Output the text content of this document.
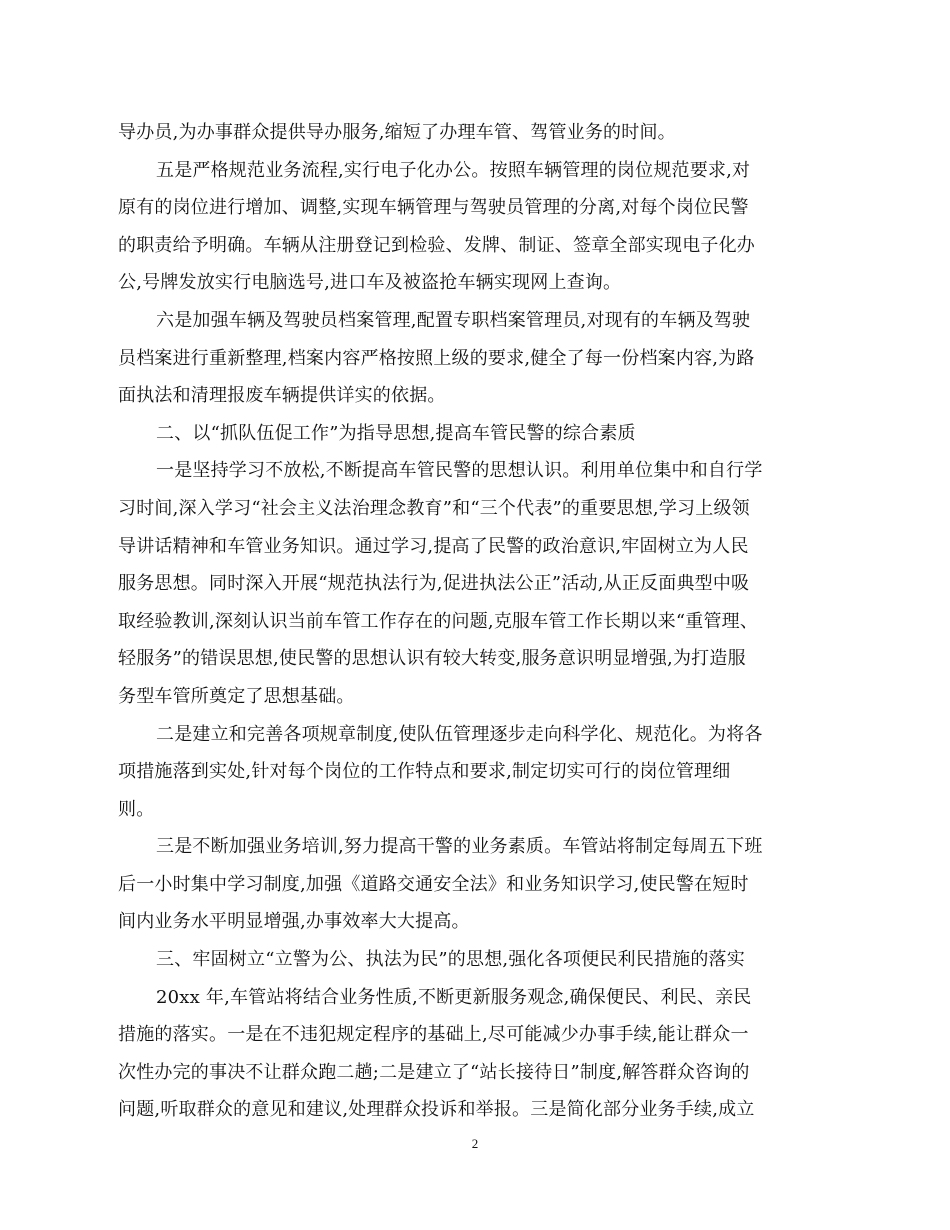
导办员,为办事群众提供导办服务,缩短了办理车管、驾管业务的时间。
五是严格规范业务流程,实行电子化办公。按照车辆管理的岗位规范要求,对
原有的岗位进行增加、调整,实现车辆管理与驾驶员管理的分离,对每个岗位民警
的职责给予明确。车辆从注册登记到检验、发牌、制证、签章全部实现电子化办
公,号牌发放实行电脑选号,进口车及被盗抢车辆实现网上查询。
六是加强车辆及驾驶员档案管理,配置专职档案管理员,对现有的车辆及驾驶
员档案进行重新整理,档案内容严格按照上级的要求,健全了每一份档案内容,为路
面执法和清理报废车辆提供详实的依据。
二、以“抓队伍促工作”为指导思想,提高车管民警的综合素质
一是坚持学习不放松,不断提高车管民警的思想认识。利用单位集中和自行学
习时间,深入学习“社会主义法治理念教育”和“三个代表”的重要思想,学习上级领
导讲话精神和车管业务知识。通过学习,提高了民警的政治意识,牢固树立为人民
服务思想。同时深入开展“规范执法行为,促进执法公正”活动,从正反面典型中吸
取经验教训,深刻认识当前车管工作存在的问题,克服车管工作长期以来“重管理、
轻服务”的错误思想,使民警的思想认识有较大转变,服务意识明显增强,为打造服
务型车管所奠定了思想基础。
二是建立和完善各项规章制度,使队伍管理逐步走向科学化、规范化。为将各
项措施落到实处,针对每个岗位的工作特点和要求,制定切实可行的岗位管理细
则。
三是不断加强业务培训,努力提高干警的业务素质。车管站将制定每周五下班
后一小时集中学习制度,加强《道路交通安全法》和业务知识学习,使民警在短时
间内业务水平明显增强,办事效率大大提高。
三、牢固树立“立警为公、执法为民”的思想,强化各项便民利民措施的落实
20xx 年,车管站将结合业务性质,不断更新服务观念,确保便民、利民、亲民
措施的落实。一是在不违犯规定程序的基础上,尽可能减少办事手续,能让群众一
次性办完的事决不让群众跑二趟;二是建立了“站长接待日”制度,解答群众咨询的
问题,听取群众的意见和建议,处理群众投诉和举报。三是简化部分业务手续,成立
2
